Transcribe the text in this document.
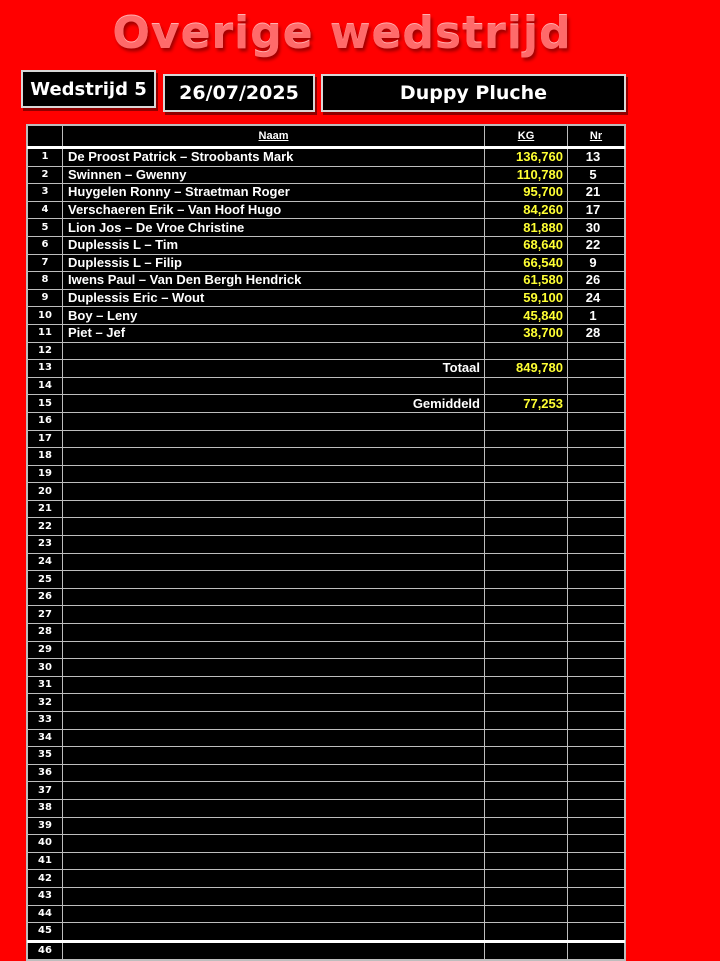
Overige wedstrijd
Wedstrijd 5	26/07/2025	Duppy Pluche
	Naam	KG	Nr
1	De Proost Patrick – Stroobants Mark	136,760	13
2	Swinnen – Gwenny	110,780	5
3	Huygelen Ronny – Straetman Roger	95,700	21
4	Verschaeren Erik – Van Hoof Hugo	84,260	17
5	Lion Jos – De Vroe Christine	81,880	30
6	Duplessis L – Tim	68,640	22
7	Duplessis L – Filip	66,540	9
8	Iwens Paul – Van Den Bergh Hendrick	61,580	26
9	Duplessis Eric – Wout	59,100	24
10	Boy – Leny	45,840	1
11	Piet – Jef	38,700	28
12			
13	Totaal	849,780	
14			
15	Gemiddeld	77,253	
16			
17			
18			
19			
20			
21			
22			
23			
24			
25			
26			
27			
28			
29			
30			
31			
32			
33			
34			
35			
36			
37			
38			
39			
40			
41			
42			
43			
44			
45			
46			
